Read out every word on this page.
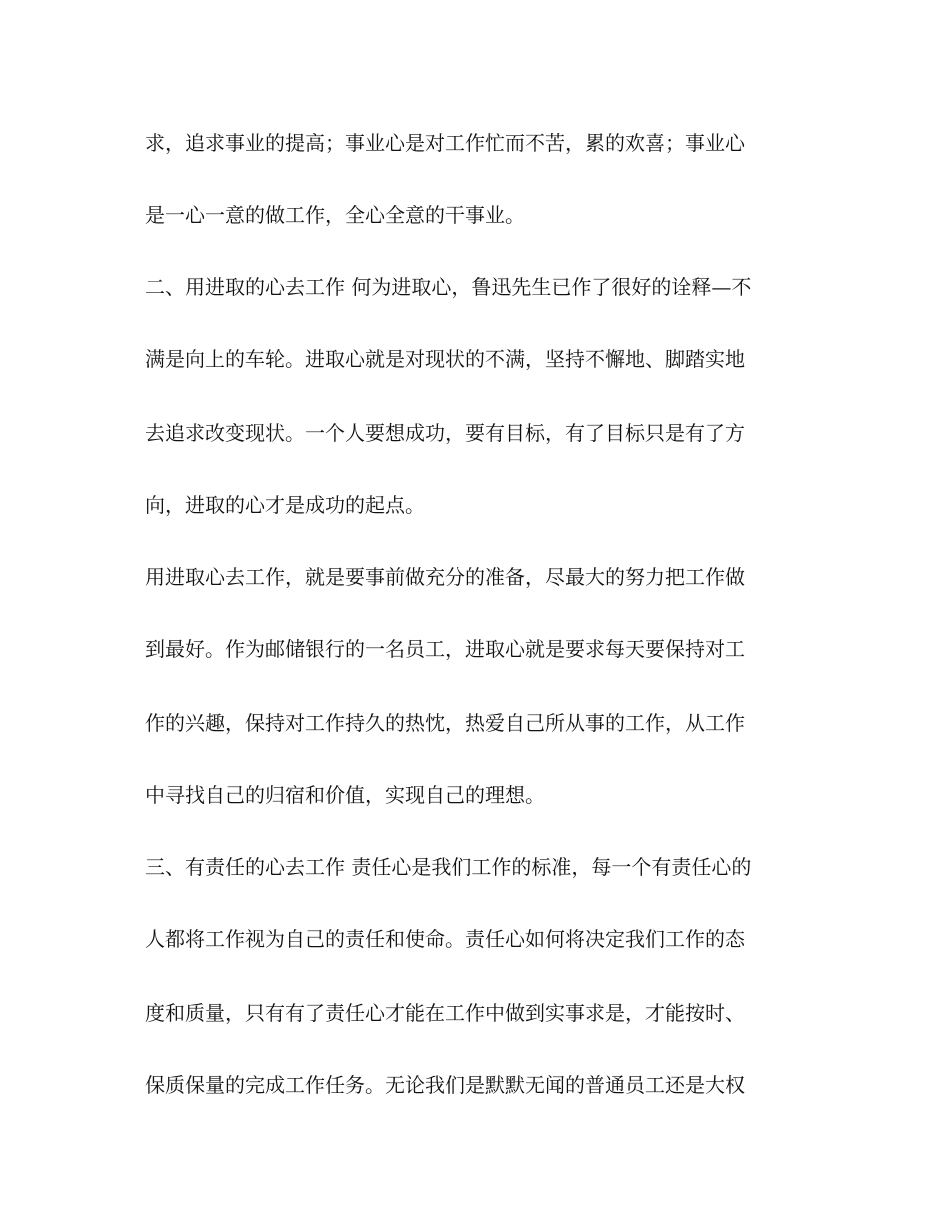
求，追求事业的提高；事业心是对工作忙而不苦，累的欢喜；事业心

是一心一意的做工作，全心全意的干事业。

二、用进取的心去工作 何为进取心，鲁迅先生已作了很好的诠释—不

满是向上的车轮。进取心就是对现状的不满，坚持不懈地、脚踏实地

去追求改变现状。一个人要想成功，要有目标，有了目标只是有了方

向，进取的心才是成功的起点。

用进取心去工作，就是要事前做充分的准备，尽最大的努力把工作做

到最好。作为邮储银行的一名员工，进取心就是要求每天要保持对工

作的兴趣，保持对工作持久的热忱，热爱自己所从事的工作，从工作

中寻找自己的归宿和价值，实现自己的理想。

三、有责任的心去工作 责任心是我们工作的标准，每一个有责任心的

人都将工作视为自己的责任和使命。责任心如何将决定我们工作的态

度和质量，只有有了责任心才能在工作中做到实事求是，才能按时、

保质保量的完成工作任务。无论我们是默默无闻的普通员工还是大权
